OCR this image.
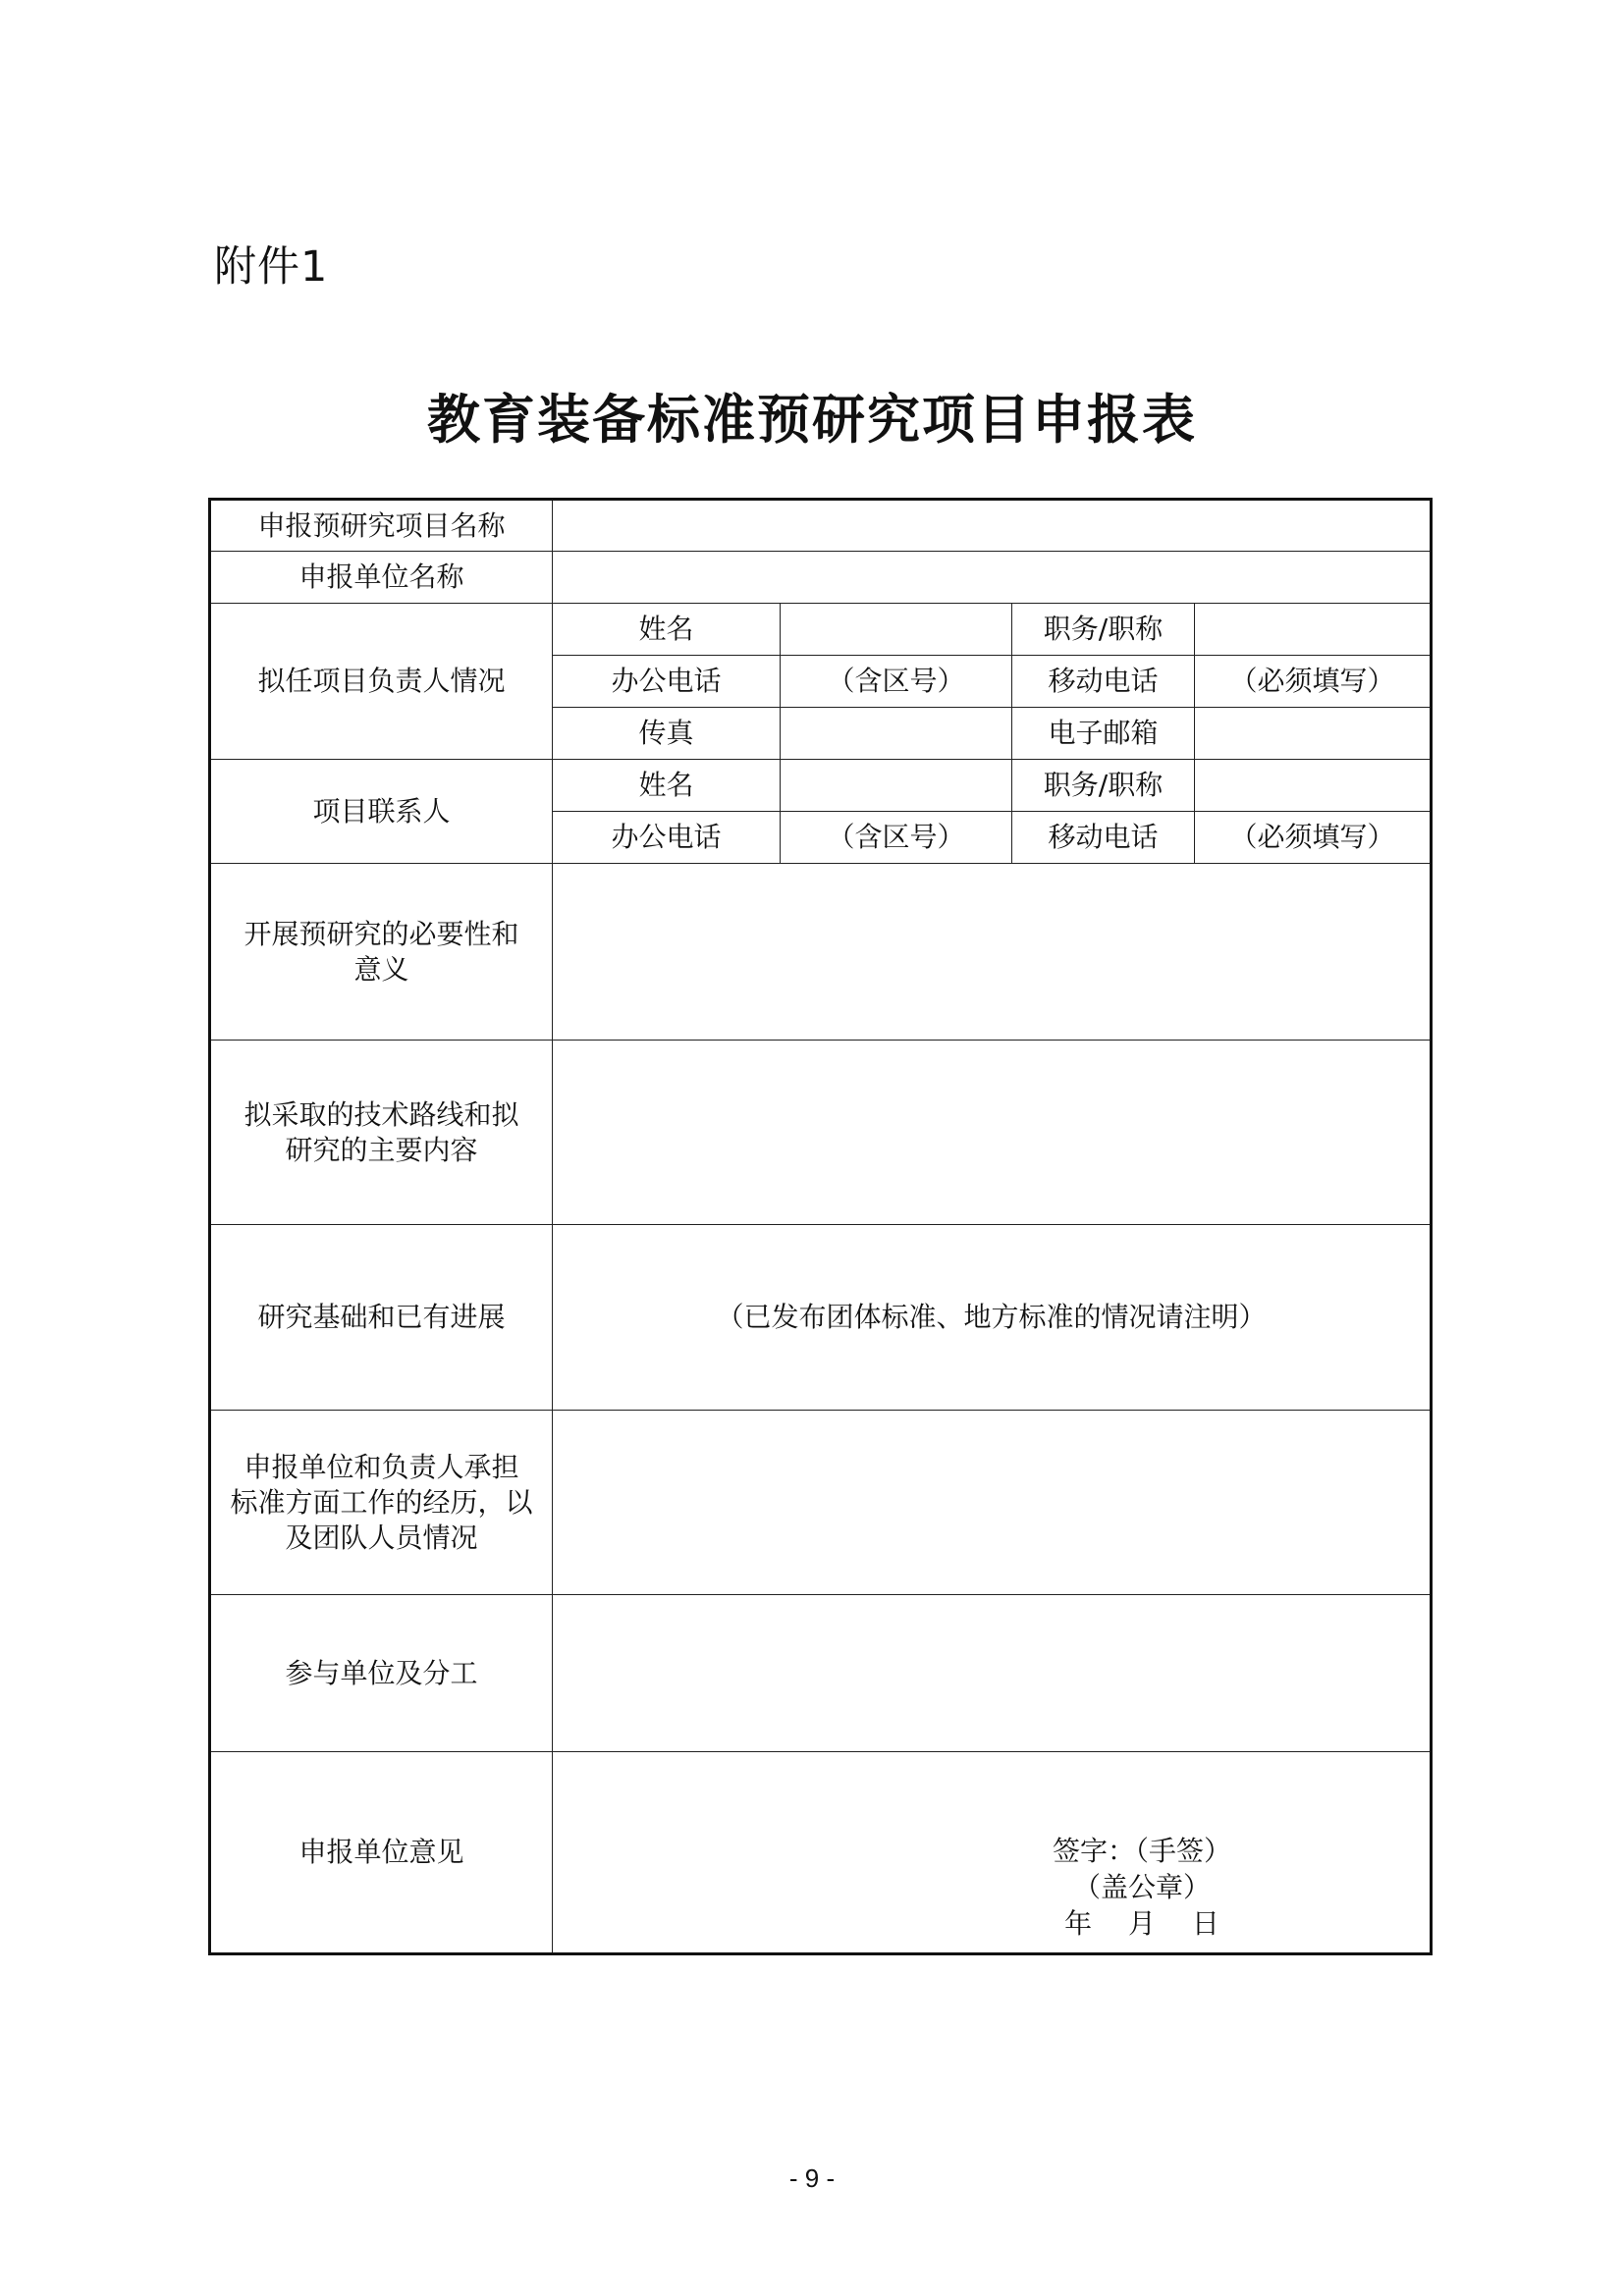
附件1
教育装备标准预研究项目申报表
申报预研究项目名称				
申报单位名称				
拟任项目负责人情况	姓名		职务/职称	
	办公电话	（含区号）	移动电话	（必须填写）
	传真		电子邮箱	
项目联系人	姓名		职务/职称	
	办公电话	（含区号）	移动电话	（必须填写）

开展预研究的必要性和
意义				

拟采取的技术路线和拟
研究的主要内容				

研究基础和已有进展	（已发布团体标准、地方标准的情况请注明）			

申报单位和负责人承担
标准方面工作的经历，以
及团队人员情况				

参与单位及分工				
申报单位意见	签字：（手签）
（盖公章）
年　 月　 日			
- 9 -
